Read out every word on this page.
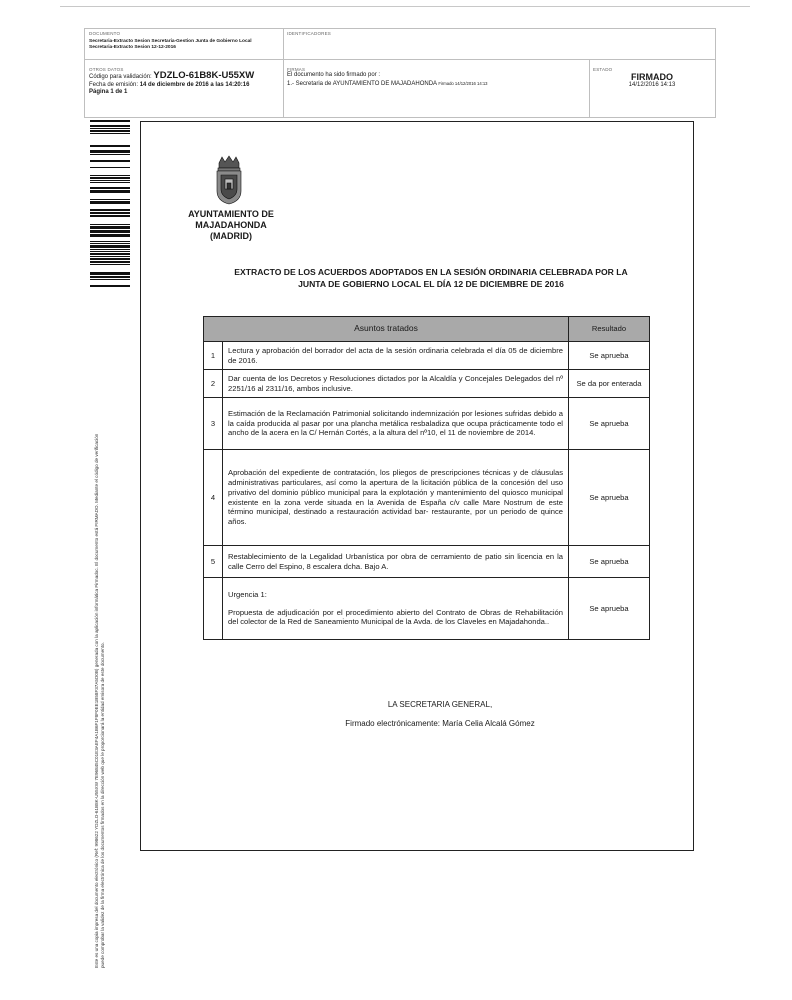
DOCUMENTO
Secretaria-Extracto Sesion Secretaria-Gestion Junta de Gobierno Local
Secretaria-Extracto Sesion 12-12-2016
IDENTIFICADORES
OTROS DATOS
Código para validación: YDZLO-61B8K-U55XW
Fecha de emisión: 14 de diciembre de 2016 a las 14:20:16
Página 1 de 1
FIRMAS
El documento ha sido firmado por :
1.- Secretaria de AYUNTAMIENTO DE MAJADAHONDA Firmado 14/12/2016 14:13
ESTADO
FIRMADO
14/12/2016 14:13
Este es una copia impresa del documento electrónico (Ref: 998622 YDZLO-61B8K-U55XW 7E96845C01E3AEF4A1B6F1F8F0EE1B58F37A5D0B) generada con la aplicación informática Firmadoc. El documento está FIRMADO. Mediante el código de verificación puede comprobar la validez de la firma electrónica de los documentos firmados en la dirección web que le proporcionará la entidad emisora de este documento.
AYUNTAMIENTO DE
MAJADAHONDA
(MADRID)
EXTRACTO DE LOS ACUERDOS ADOPTADOS EN LA SESIÓN ORDINARIA CELEBRADA POR LA
JUNTA DE GOBIERNO LOCAL EL DÍA 12 DE DICIEMBRE DE 2016
Asuntos tratados		Resultado
1	Lectura y aprobación del borrador del acta de la sesión ordinaria celebrada el día 05 de diciembre de 2016.	Se aprueba
2	Dar cuenta de los Decretos y Resoluciones dictados por la Alcaldía y Concejales Delegados del nº 2251/16 al 2311/16, ambos inclusive.	Se da por enterada
3	Estimación de la Reclamación Patrimonial solicitando indemnización por lesiones sufridas debido a la caída producida al pasar por una plancha metálica resbaladiza que ocupa prácticamente todo el ancho de la acera en la C/ Hernán Cortés, a la altura del nº10, el 11 de noviembre de 2014.	Se aprueba
4	Aprobación del expediente de contratación, los pliegos de prescripciones técnicas y de cláusulas administrativas particulares, así como la apertura de la licitación pública de la concesión del uso privativo del dominio público municipal para la explotación y mantenimiento del quiosco municipal existente en la zona verde situada en la Avenida de España c/v calle Mare Nostrum de este término municipal, destinado a restauración actividad bar- restaurante, por un periodo de quince años.	Se aprueba
5	Restablecimiento de la Legalidad Urbanística por obra de cerramiento de patio sin licencia en la calle Cerro del Espino, 8 escalera dcha. Bajo A.	Se aprueba

	Urgencia 1:

Propuesta de adjudicación por el procedimiento abierto del Contrato de Obras de Rehabilitación del colector de la Red de Saneamiento Municipal de la Avda. de los Claveles en Majadahonda..	Se aprueba
LA SECRETARIA GENERAL,
Firmado electrónicamente: María Celia Alcalá Gómez
